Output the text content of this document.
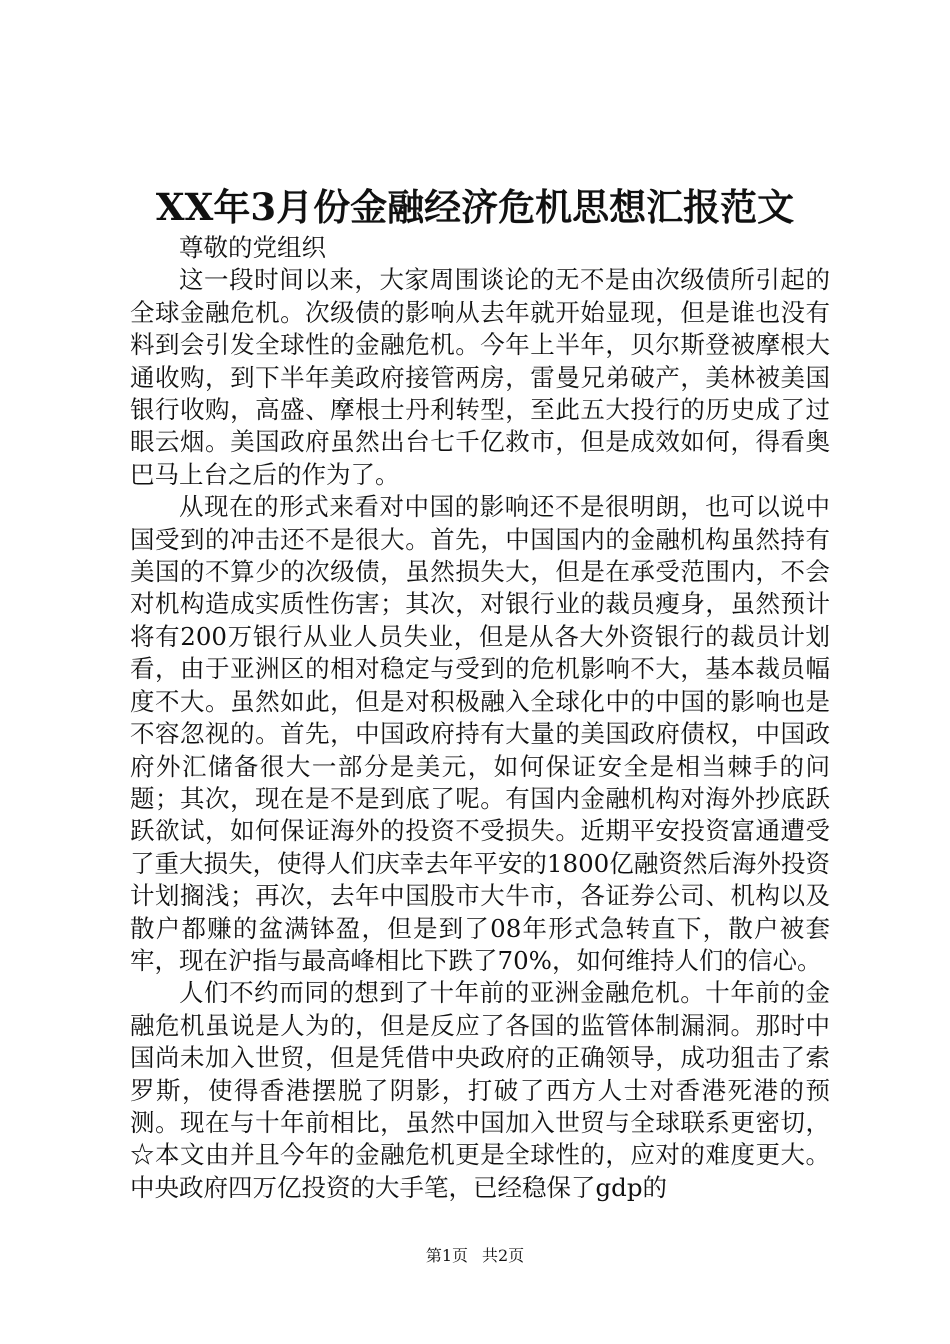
XX年3月份金融经济危机思想汇报范文

尊敬的党组织

这一段时间以来，大家周围谈论的无不是由次级债所引起的全球金融危机。次级债的影响从去年就开始显现，但是谁也没有料到会引发全球性的金融危机。今年上半年，贝尔斯登被摩根大通收购，到下半年美政府接管两房，雷曼兄弟破产，美林被美国银行收购，高盛、摩根士丹利转型，至此五大投行的历史成了过眼云烟。美国政府虽然出台七千亿救市，但是成效如何，得看奥巴马上台之后的作为了。

从现在的形式来看对中国的影响还不是很明朗，也可以说中国受到的冲击还不是很大。首先，中国国内的金融机构虽然持有美国的不算少的次级债，虽然损失大，但是在承受范围内，不会对机构造成实质性伤害；其次，对银行业的裁员瘦身，虽然预计将有200万银行从业人员失业，但是从各大外资银行的裁员计划看，由于亚洲区的相对稳定与受到的危机影响不大，基本裁员幅度不大。虽然如此，但是对积极融入全球化中的中国的影响也是不容忽视的。首先，中国政府持有大量的美国政府债权，中国政府外汇储备很大一部分是美元，如何保证安全是相当棘手的问题；其次，现在是不是到底了呢。有国内金融机构对海外抄底跃跃欲试，如何保证海外的投资不受损失。近期平安投资富通遭受了重大损失，使得人们庆幸去年平安的1800亿融资然后海外投资计划搁浅；再次，去年中国股市大牛市，各证券公司、机构以及散户都赚的盆满钵盈，但是到了08年形式急转直下，散户被套牢，现在沪指与最高峰相比下跌了70%，如何维持人们的信心。

人们不约而同的想到了十年前的亚洲金融危机。十年前的金融危机虽说是人为的，但是反应了各国的监管体制漏洞。那时中国尚未加入世贸，但是凭借中央政府的正确领导，成功狙击了索罗斯，使得香港摆脱了阴影，打破了西方人士对香港死港的预测。现在与十年前相比，虽然中国加入世贸与全球联系更密切，☆本文由并且今年的金融危机更是全球性的，应对的难度更大。中央政府四万亿投资的大手笔，已经稳保了gdp的

第1页 共2页
